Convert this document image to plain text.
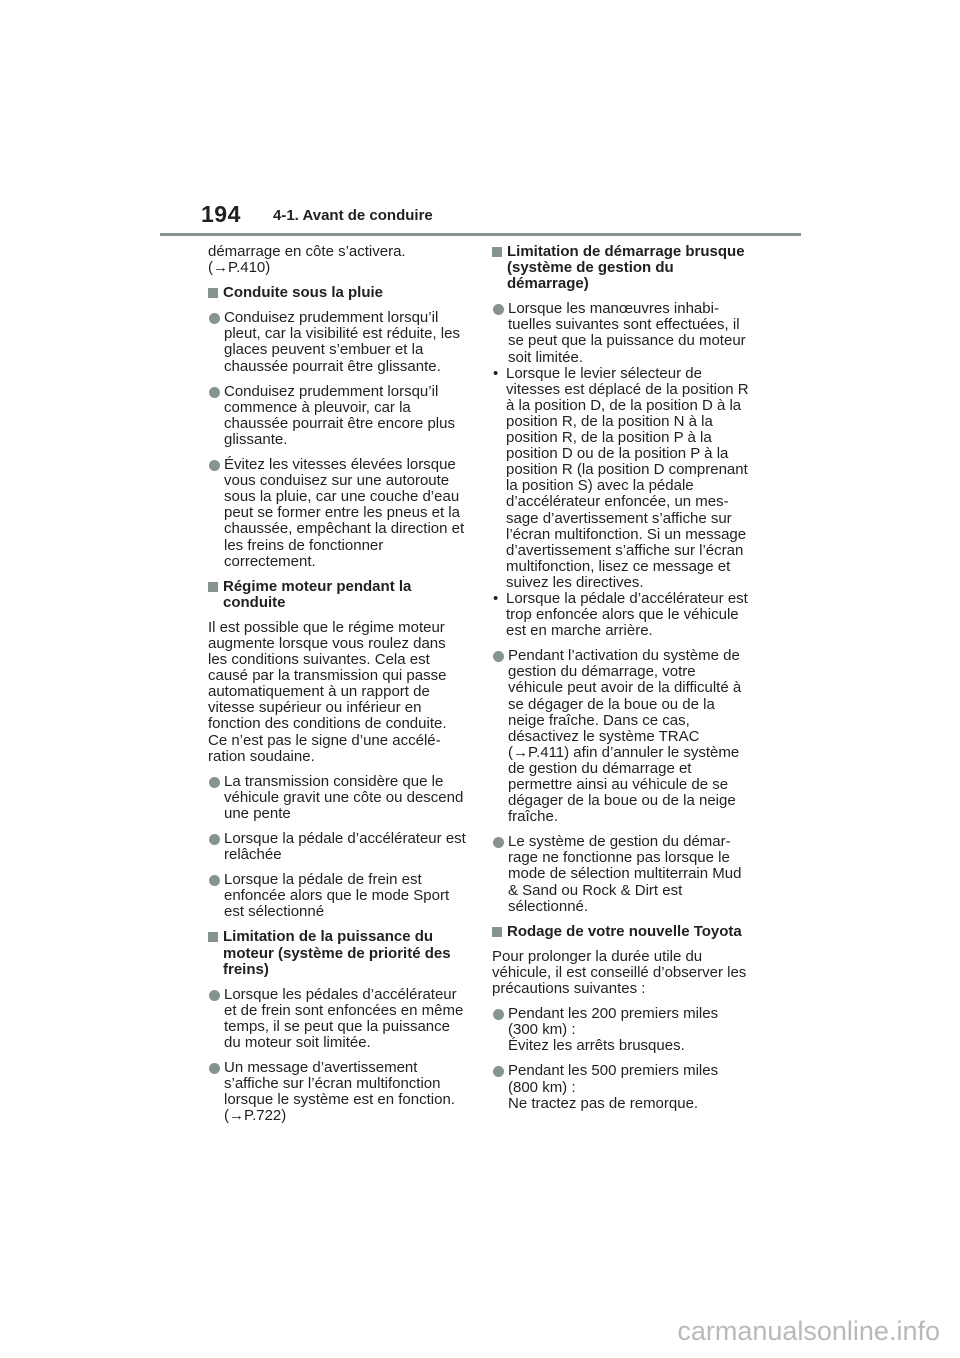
194 4-1. Avant de conduire

démarrage en côte s’activera. (→P.410)

Conduite sous la pluie

Conduisez prudemment lorsqu’il pleut, car la visibilité est réduite, les glaces peuvent s’embuer et la chaussée pourrait être glissante.

Conduisez prudemment lorsqu’il commence à pleuvoir, car la chaussée pourrait être encore plus glissante.

Évitez les vitesses élevées lorsque vous conduisez sur une autoroute sous la pluie, car une couche d’eau peut se former entre les pneus et la chaussée, empêchant la direction et les freins de fonctionner correctement.

Régime moteur pendant la conduite

Il est possible que le régime moteur augmente lorsque vous roulez dans les conditions suivantes. Cela est causé par la transmission qui passe automatiquement à un rapport de vitesse supérieur ou inférieur en fonction des conditions de conduite. Ce n’est pas le signe d’une accélération soudaine.

La transmission considère que le véhicule gravit une côte ou descend une pente

Lorsque la pédale d’accélérateur est relâchée

Lorsque la pédale de frein est enfoncée alors que le mode Sport est sélectionné

Limitation de la puissance du moteur (système de priorité des freins)

Lorsque les pédales d’accélérateur et de frein sont enfoncées en même temps, il se peut que la puissance du moteur soit limitée.

Un message d’avertissement s’affiche sur l’écran multifonction lorsque le système est en fonction. (→P.722)

Limitation de démarrage brusque (système de gestion du démarrage)

Lorsque les manœuvres inhabituelles suivantes sont effectuées, il se peut que la puissance du moteur soit limitée.

• Lorsque le levier sélecteur de vitesses est déplacé de la position R à la position D, de la position D à la position R, de la position N à la position R, de la position P à la position D ou de la position P à la position R (la position D comprenant la position S) avec la pédale d’accélérateur enfoncée, un message d’avertissement s’affiche sur l’écran multifonction. Si un message d’avertissement s’affiche sur l’écran multifonction, lisez ce message et suivez les directives.

• Lorsque la pédale d’accélérateur est trop enfoncée alors que le véhicule est en marche arrière.

Pendant l’activation du système de gestion du démarrage, votre véhicule peut avoir de la difficulté à se dégager de la boue ou de la neige fraîche. Dans ce cas, désactivez le système TRAC (→P.411) afin d’annuler le système de gestion du démarrage et permettre ainsi au véhicule de se dégager de la boue ou de la neige fraîche.

Le système de gestion du démarrage ne fonctionne pas lorsque le mode de sélection multiterrain Mud & Sand ou Rock & Dirt est sélectionné.

Rodage de votre nouvelle Toyota

Pour prolonger la durée utile du véhicule, il est conseillé d’observer les précautions suivantes :

Pendant les 200 premiers miles
(300 km) :
Évitez les arrêts brusques.

Pendant les 500 premiers miles
(800 km) :
Ne tractez pas de remorque.

carmanualsonline.info
